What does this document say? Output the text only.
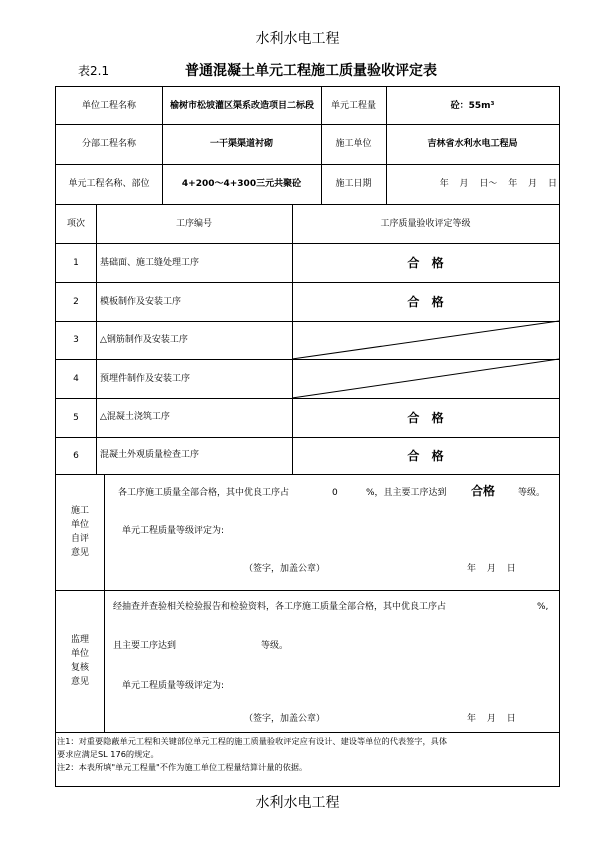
水利水电工程
表2.1	普通混凝土单元工程施工质量验收评定表
单位工程名称	榆树市松坡灌区渠系改造项目二标段	单元工程量	砼：55m³
分部工程名称	一干渠渠道衬砌	施工单位	吉林省水利水电工程局
单元工程名称、部位	4+200～4+300三元共聚砼	施工日期	年 月 日～ 年 月 日
项次	工序编号	工序质量验收评定等级
1	基础面、施工缝处理工序	合 格
2	模板制作及安装工序	合 格
3	△钢筋制作及安装工序
4	预埋件制作及安装工序
5	△混凝土浇筑工序	合 格
6	混凝土外观质量检查工序	合 格
施工
单位
自评
意见
各工序施工质量全部合格，其中优良工序占	0	%，且主要工序达到 合格	等级。
单元工程质量等级评定为:
（签字，加盖公章）	年 月 日
监理
单位
复核
意见
经抽查并查验相关检验报告和检验资料，各工序施工质量全部合格，其中优良工序占	%,
且主要工序达到	等级。
单元工程质量等级评定为:
（签字，加盖公章）	年 月 日
注1：对重要隐蔽单元工程和关键部位单元工程的施工质量验收评定应有设计、建设等单位的代表签字，具体
要求应满足SL 176的规定。
注2：本表所填"单元工程量"不作为施工单位工程量结算计量的依据。
水利水电工程
